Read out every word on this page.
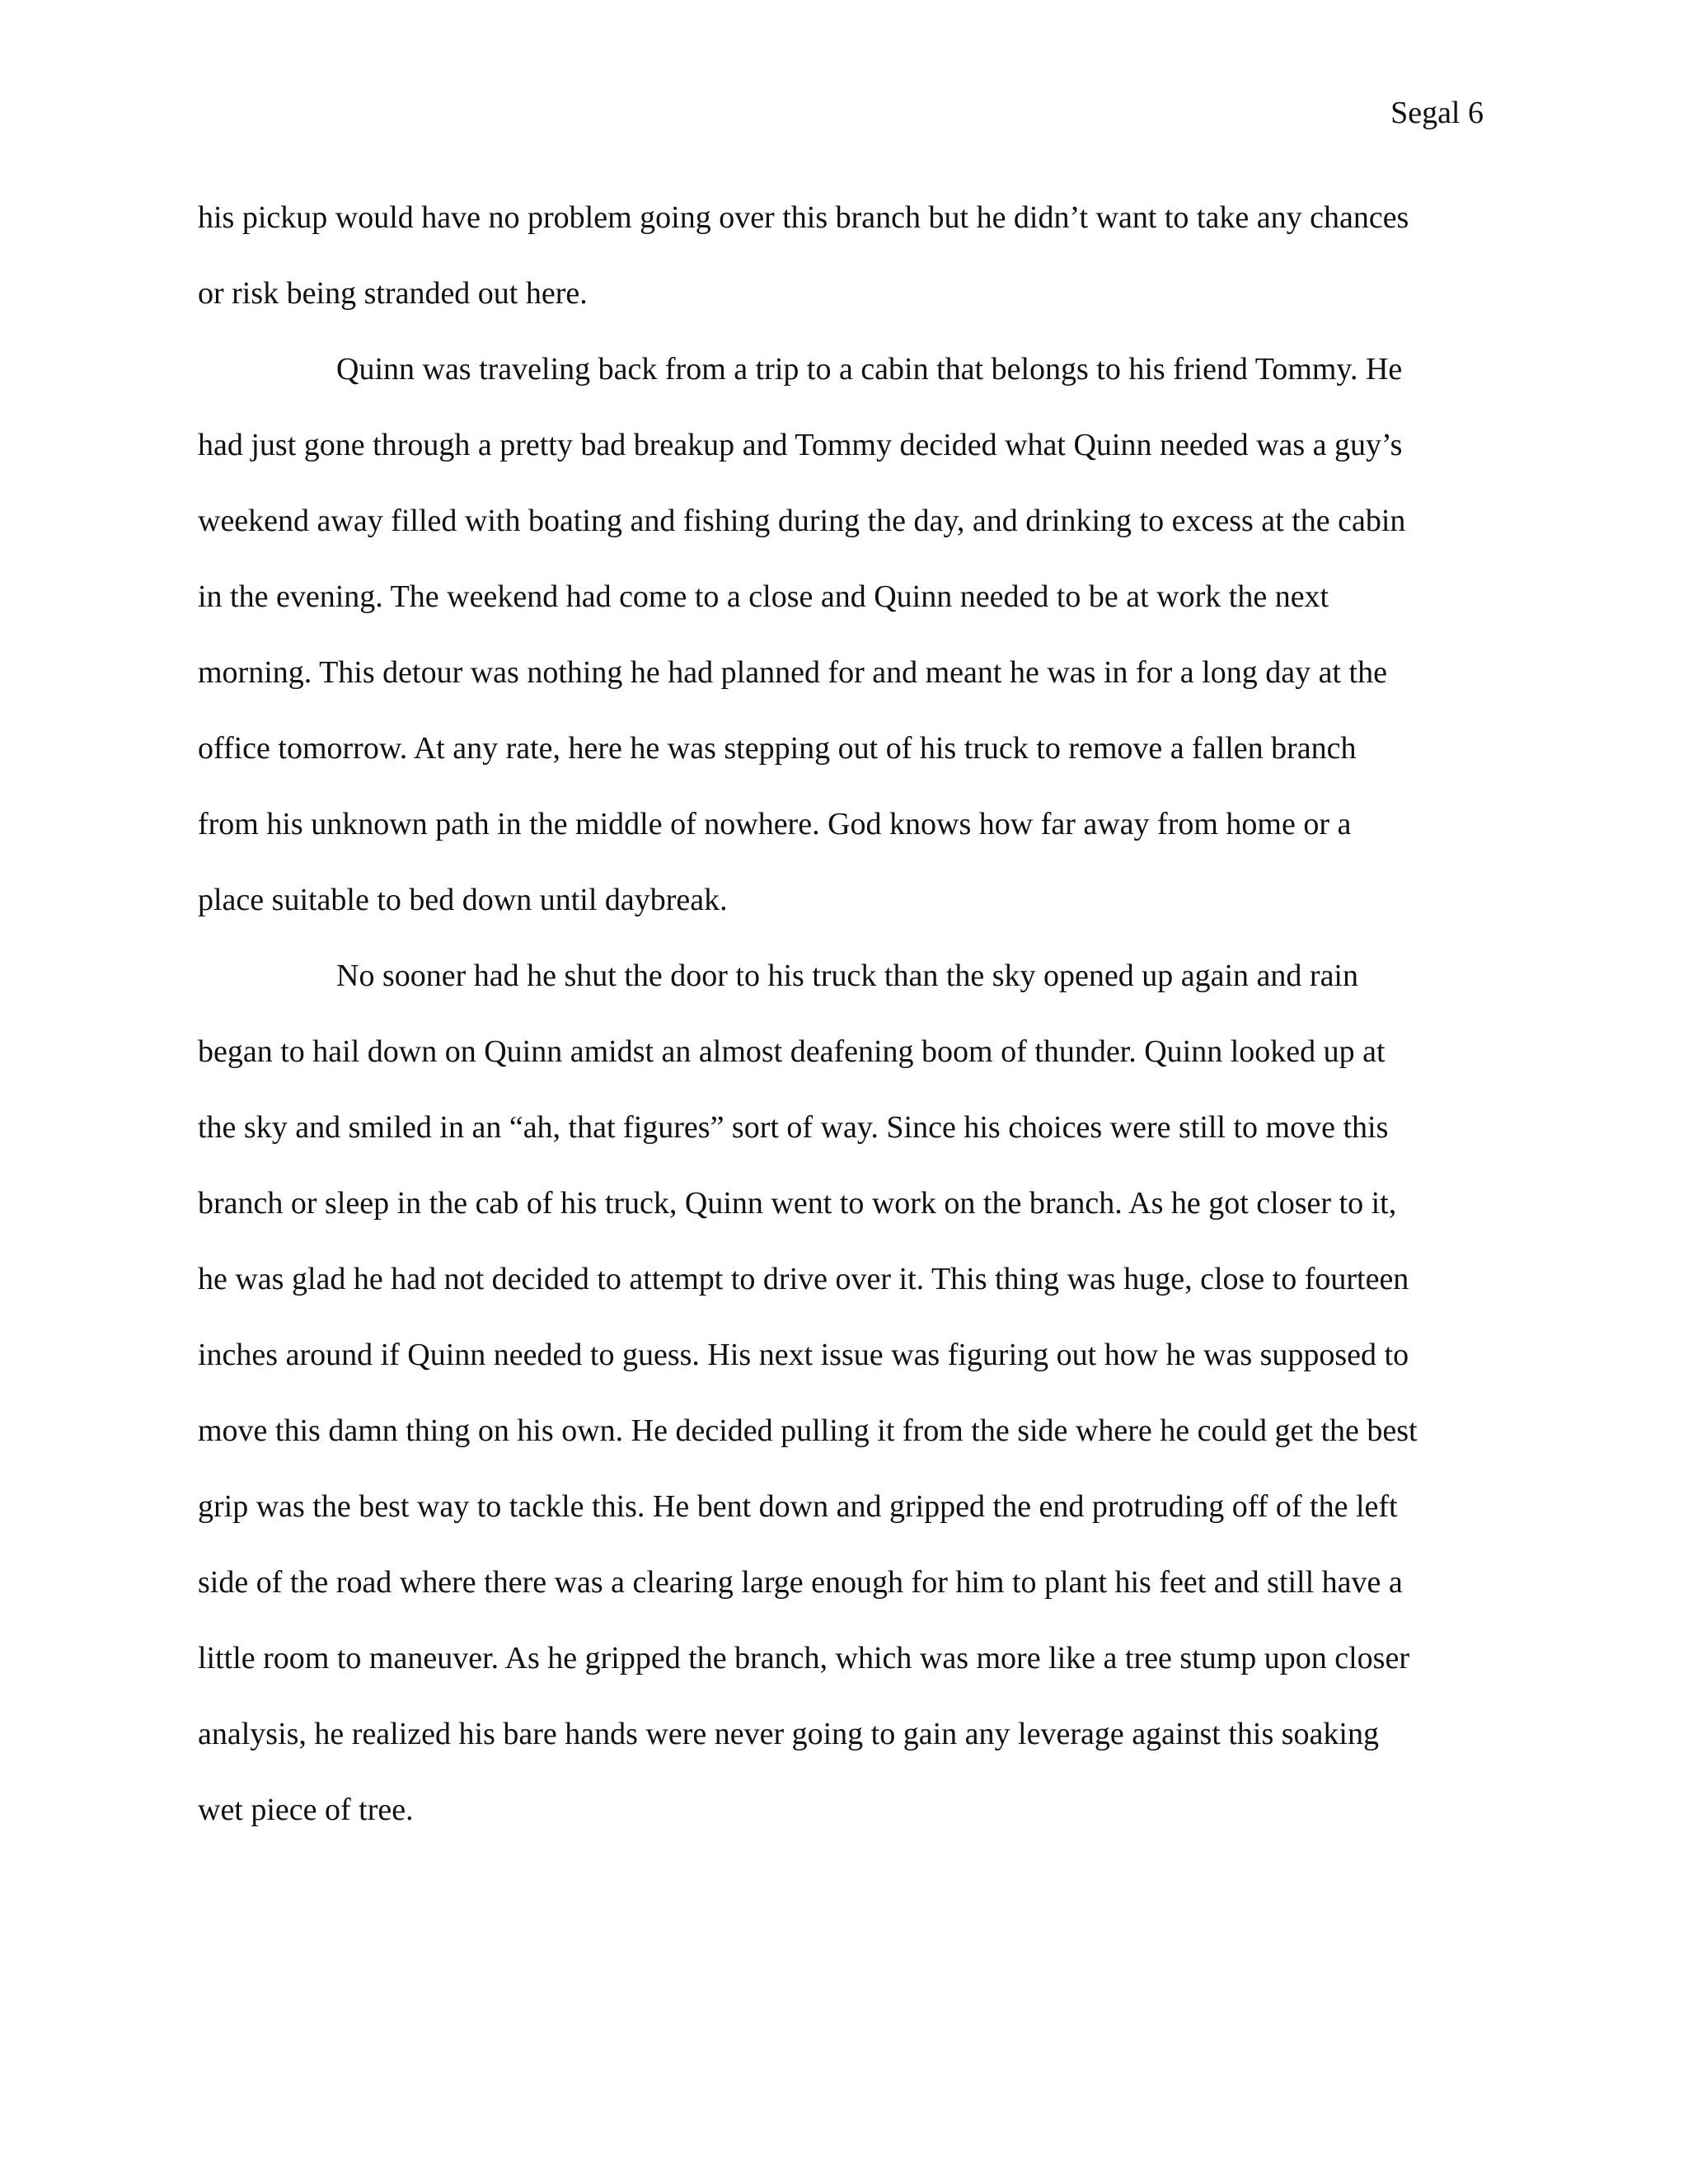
Segal 6
his pickup would have no problem going over this branch but he didn’t want to take any chances
or risk being stranded out here.
Quinn was traveling back from a trip to a cabin that belongs to his friend Tommy. He
had just gone through a pretty bad breakup and Tommy decided what Quinn needed was a guy’s
weekend away filled with boating and fishing during the day, and drinking to excess at the cabin
in the evening. The weekend had come to a close and Quinn needed to be at work the next
morning. This detour was nothing he had planned for and meant he was in for a long day at the
office tomorrow. At any rate, here he was stepping out of his truck to remove a fallen branch
from his unknown path in the middle of nowhere. God knows how far away from home or a
place suitable to bed down until daybreak.
No sooner had he shut the door to his truck than the sky opened up again and rain
began to hail down on Quinn amidst an almost deafening boom of thunder. Quinn looked up at
the sky and smiled in an “ah, that figures” sort of way. Since his choices were still to move this
branch or sleep in the cab of his truck, Quinn went to work on the branch. As he got closer to it,
he was glad he had not decided to attempt to drive over it. This thing was huge, close to fourteen
inches around if Quinn needed to guess. His next issue was figuring out how he was supposed to
move this damn thing on his own. He decided pulling it from the side where he could get the best
grip was the best way to tackle this. He bent down and gripped the end protruding off of the left
side of the road where there was a clearing large enough for him to plant his feet and still have a
little room to maneuver. As he gripped the branch, which was more like a tree stump upon closer
analysis, he realized his bare hands were never going to gain any leverage against this soaking
wet piece of tree.
